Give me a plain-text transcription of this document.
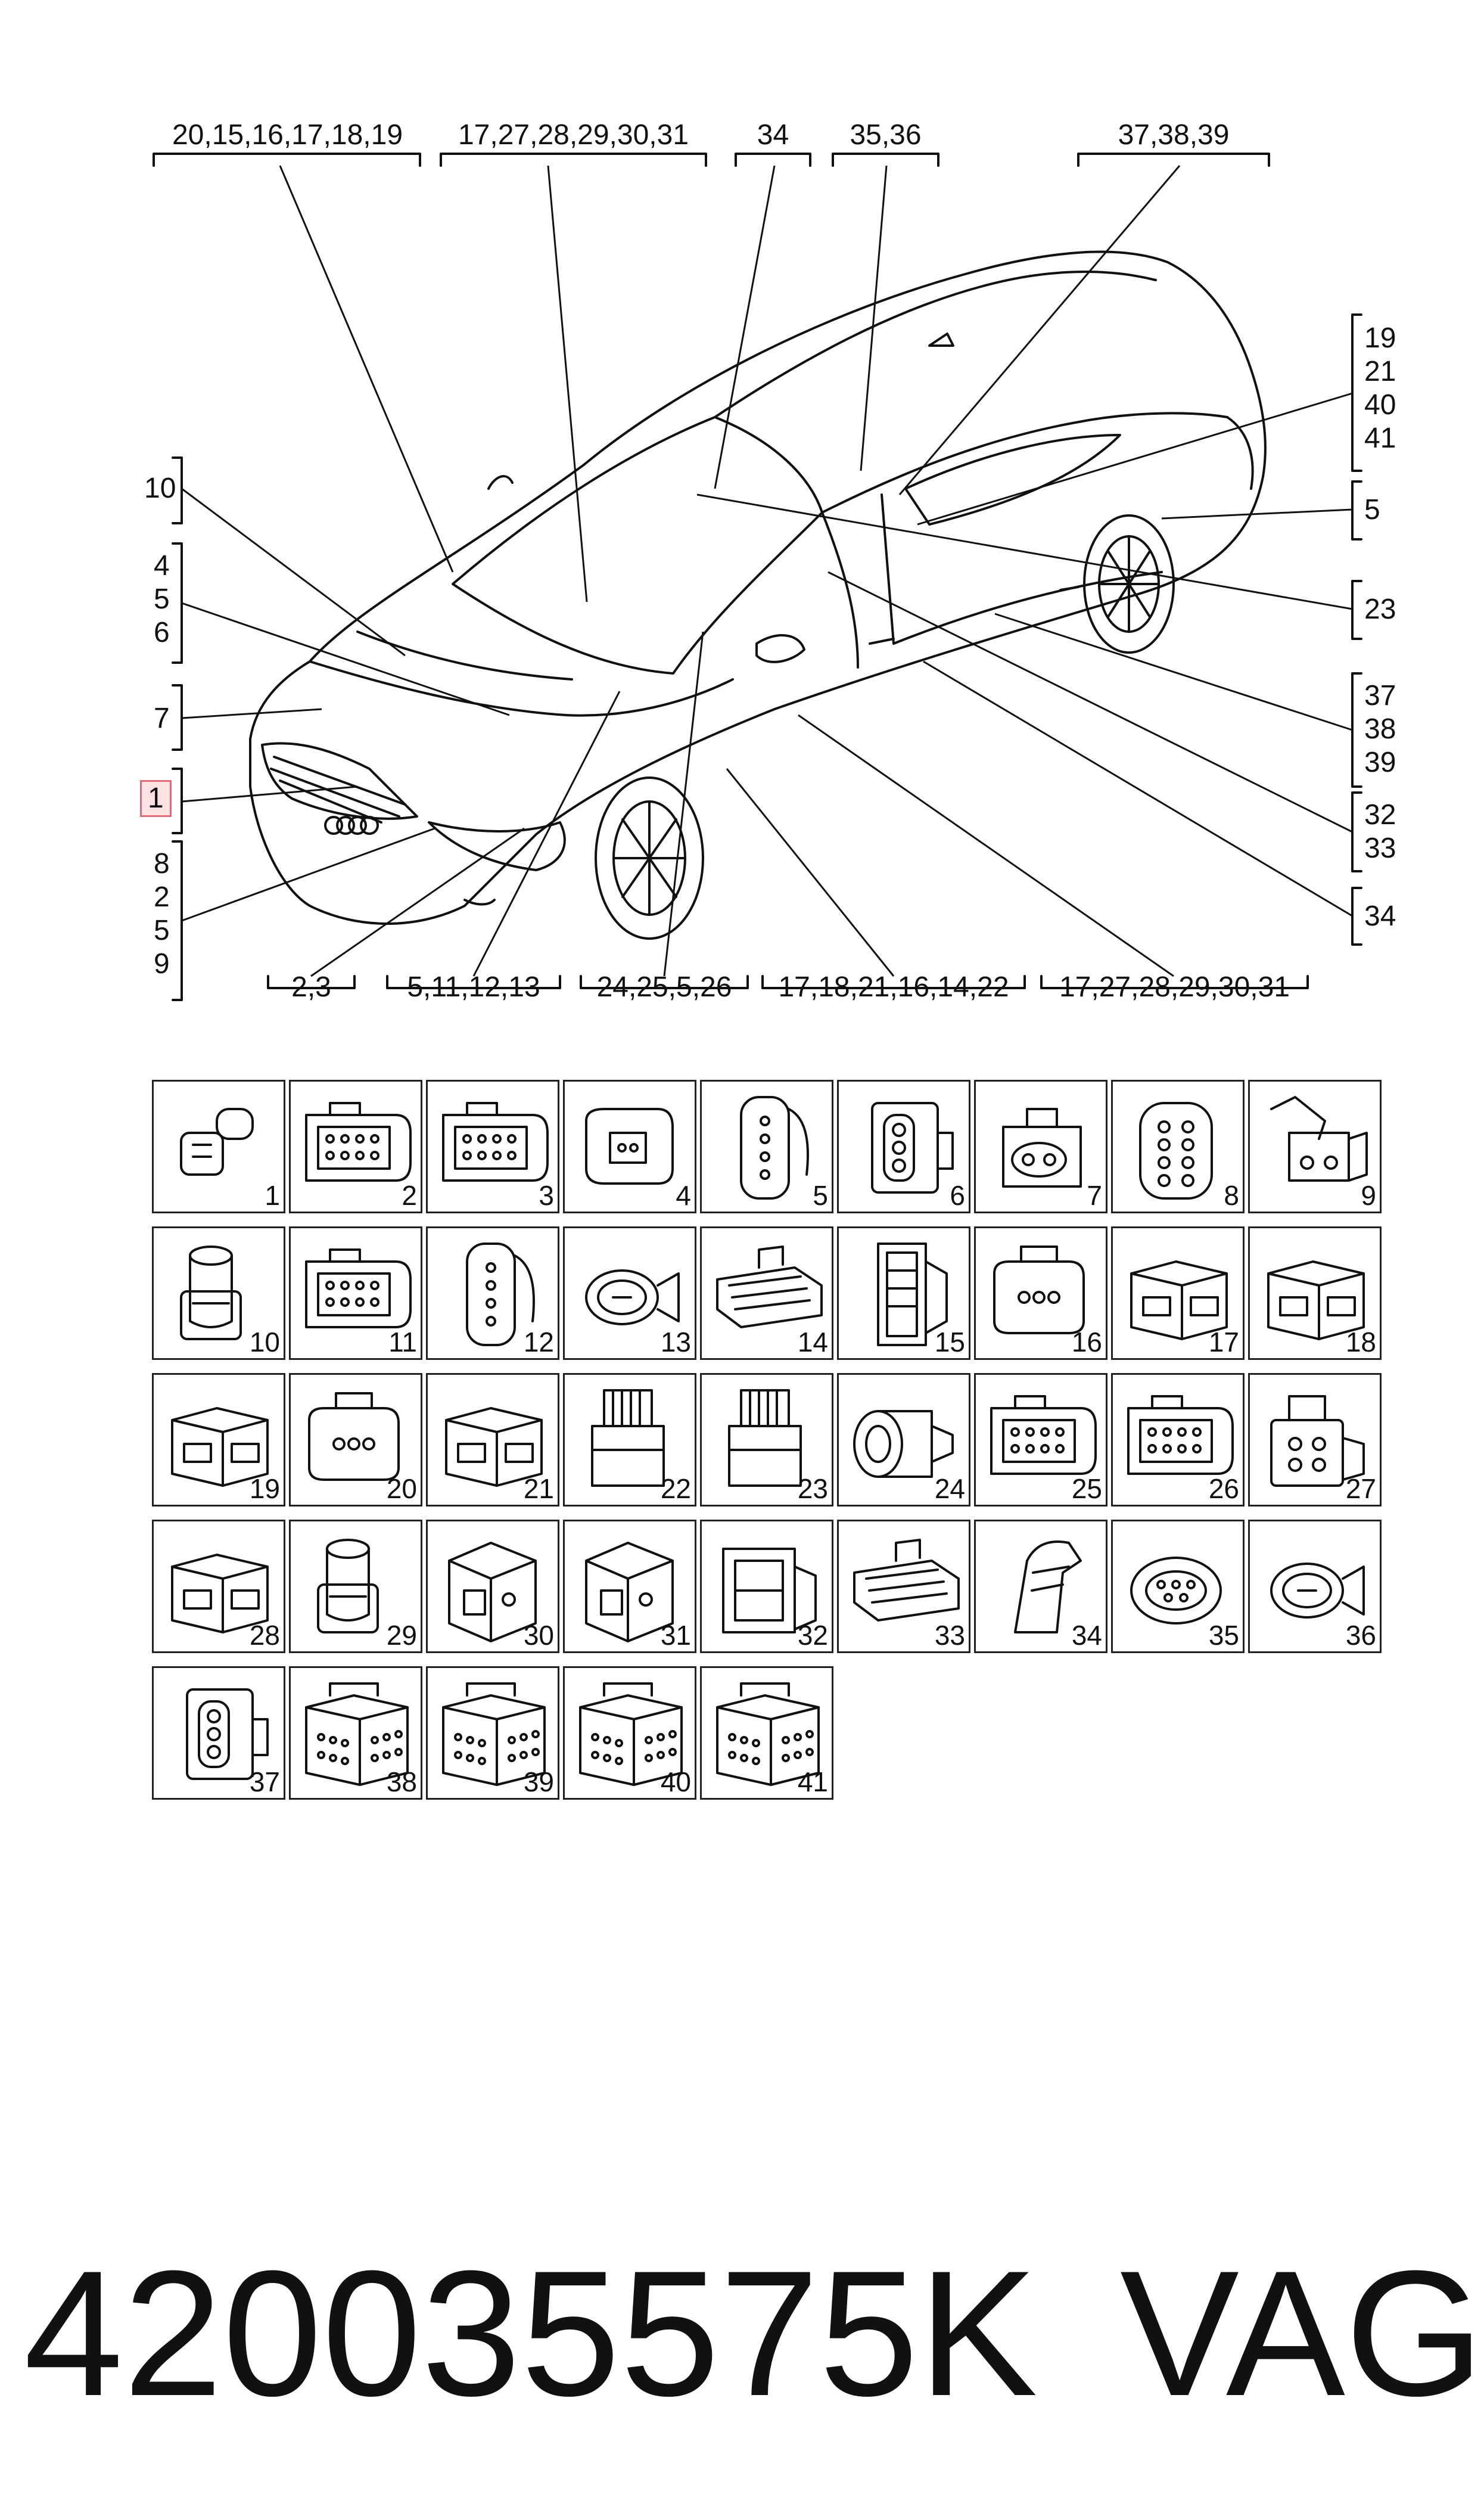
20,15,16,17,18,19	17,27,28,29,30,31	34	35,36	37,38,39
2,3	5,11,12,13	24,25,5,26	17,18,21,16,14,22	17,27,28,29,30,31
10
4
5
6
7
1
8
2
5
9
19
21
40
41
5
23
37
38
39
32
33
34
1	2	3	4	5	6	7	8	9
10	11	12	13	14	15	16	17	18
19	20	21	22	23	24	25	26	27
28	29	30	31	32	33	34	35	36
37	38	39	40	41
420035575K VAG
